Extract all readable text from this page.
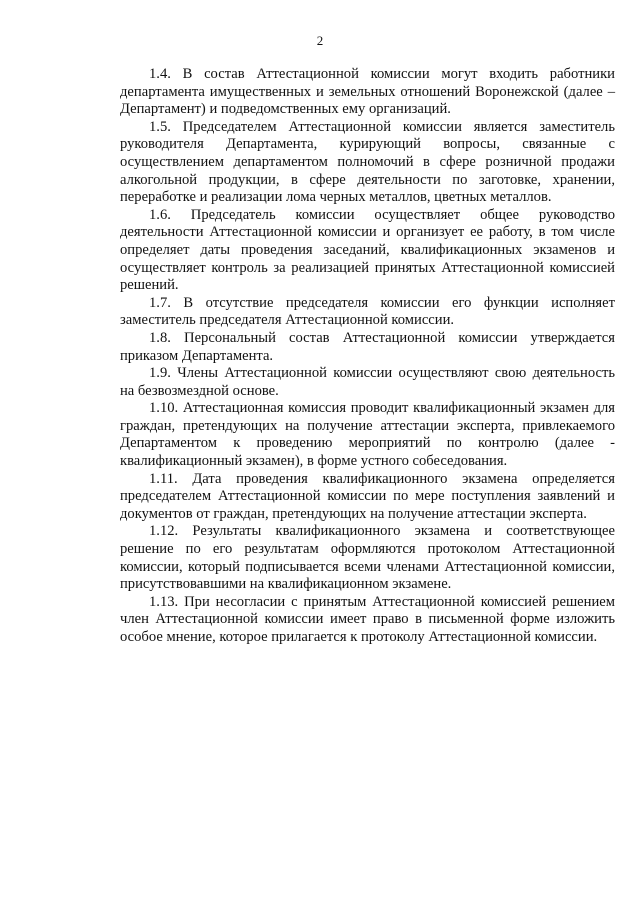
2

1.4. В состав Аттестационной комиссии могут входить работники департамента имущественных и земельных отношений Воронежской (далее – Департамент) и подведомственных ему организаций.

1.5. Председателем Аттестационной комиссии является заместитель руководителя Департамента, курирующий вопросы, связанные с осуществлением департаментом полномочий в сфере розничной продажи алкогольной продукции, в сфере деятельности по заготовке, хранении, переработке и реализации лома черных металлов, цветных металлов.

1.6. Председатель комиссии осуществляет общее руководство деятельности Аттестационной комиссии и организует ее работу, в том числе определяет даты проведения заседаний, квалификационных экзаменов и осуществляет контроль за реализацией принятых Аттестационной комиссией решений.

1.7. В отсутствие председателя комиссии его функции исполняет заместитель председателя Аттестационной комиссии.

1.8. Персональный состав Аттестационной комиссии утверждается приказом Департамента.

1.9. Члены Аттестационной комиссии осуществляют свою деятельность на безвозмездной основе.

1.10. Аттестационная комиссия проводит квалификационный экзамен для граждан, претендующих на получение аттестации эксперта, привлекаемого Департаментом к проведению мероприятий по контролю (далее - квалификационный экзамен), в форме устного собеседования.

1.11. Дата проведения квалификационного экзамена определяется председателем Аттестационной комиссии по мере поступления заявлений и документов от граждан, претендующих на получение аттестации эксперта.

1.12. Результаты квалификационного экзамена и соответствующее решение по его результатам оформляются протоколом Аттестационной комиссии, который подписывается всеми членами Аттестационной комиссии, присутствовавшими на квалификационном экзамене.

1.13. При несогласии с принятым Аттестационной комиссией решением член Аттестационной комиссии имеет право в письменной форме изложить особое мнение, которое прилагается к протоколу Аттестационной комиссии.
